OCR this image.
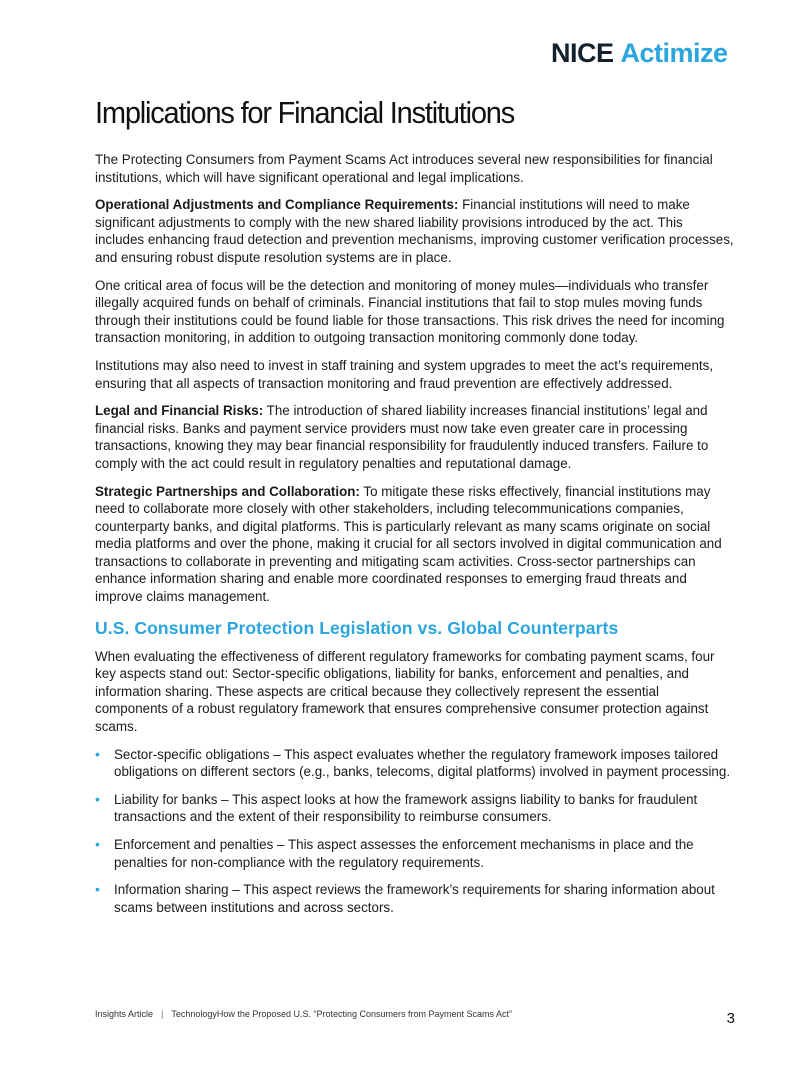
NICE Actimize
Implications for Financial Institutions

The Protecting Consumers from Payment Scams Act introduces several new responsibilities for financial institutions, which will have significant operational and legal implications.

Operational Adjustments and Compliance Requirements: Financial institutions will need to make significant adjustments to comply with the new shared liability provisions introduced by the act. This includes enhancing fraud detection and prevention mechanisms, improving customer verification processes, and ensuring robust dispute resolution systems are in place.

One critical area of focus will be the detection and monitoring of money mules—individuals who transfer illegally acquired funds on behalf of criminals. Financial institutions that fail to stop mules moving funds through their institutions could be found liable for those transactions. This risk drives the need for incoming transaction monitoring, in addition to outgoing transaction monitoring commonly done today.

Institutions may also need to invest in staff training and system upgrades to meet the act’s requirements, ensuring that all aspects of transaction monitoring and fraud prevention are effectively addressed.

Legal and Financial Risks: The introduction of shared liability increases financial institutions’ legal and financial risks. Banks and payment service providers must now take even greater care in processing transactions, knowing they may bear financial responsibility for fraudulently induced transfers. Failure to comply with the act could result in regulatory penalties and reputational damage.

Strategic Partnerships and Collaboration: To mitigate these risks effectively, financial institutions may need to collaborate more closely with other stakeholders, including telecommunications companies, counterparty banks, and digital platforms. This is particularly relevant as many scams originate on social media platforms and over the phone, making it crucial for all sectors involved in digital communication and transactions to collaborate in preventing and mitigating scam activities. Cross-sector partnerships can enhance information sharing and enable more coordinated responses to emerging fraud threats and improve claims management.

U.S. Consumer Protection Legislation vs. Global Counterparts

When evaluating the effectiveness of different regulatory frameworks for combating payment scams, four key aspects stand out: Sector-specific obligations, liability for banks, enforcement and penalties, and information sharing. These aspects are critical because they collectively represent the essential components of a robust regulatory framework that ensures comprehensive consumer protection against scams.

• Sector-specific obligations – This aspect evaluates whether the regulatory framework imposes tailored obligations on different sectors (e.g., banks, telecoms, digital platforms) involved in payment processing.
• Liability for banks – This aspect looks at how the framework assigns liability to banks for fraudulent transactions and the extent of their responsibility to reimburse consumers.
• Enforcement and penalties – This aspect assesses the enforcement mechanisms in place and the penalties for non-compliance with the regulatory requirements.
• Information sharing – This aspect reviews the framework’s requirements for sharing information about scams between institutions and across sectors.
Insights Article | TechnologyHow the Proposed U.S. “Protecting Consumers from Payment Scams Act”	3
